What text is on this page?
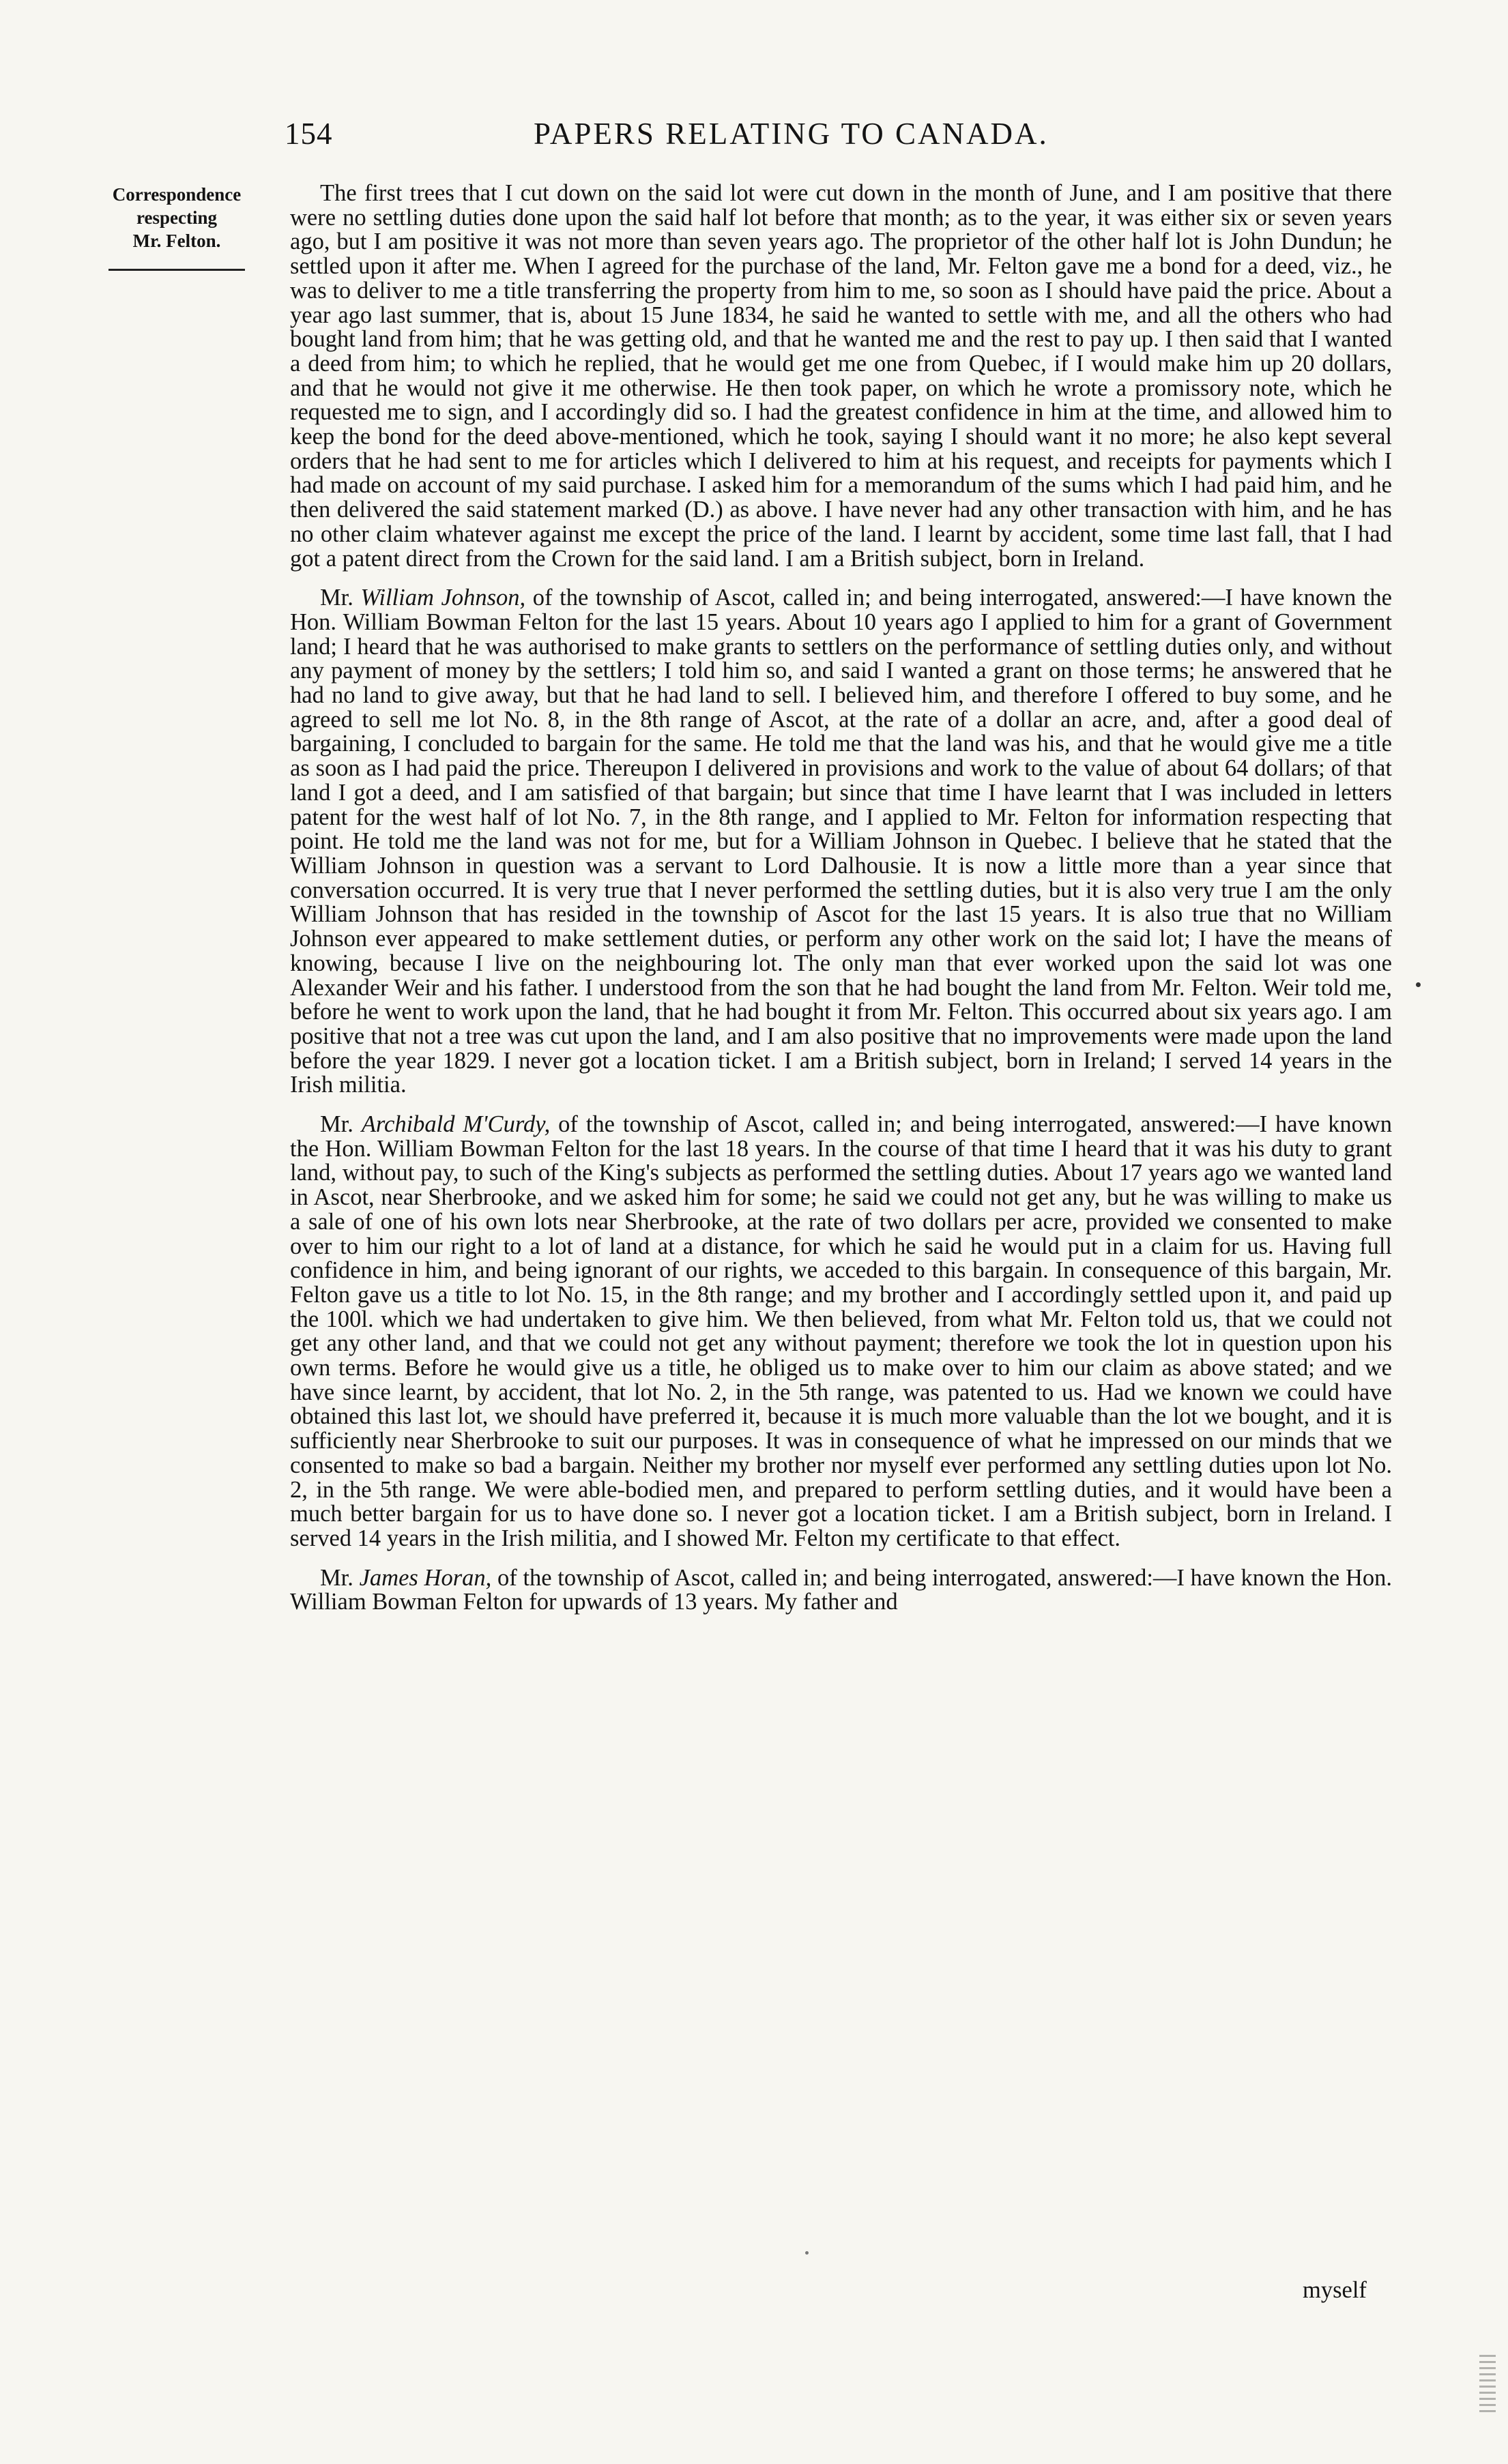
154	PAPERS RELATING TO CANADA.
Correspondence
respecting
Mr. Felton.

The first trees that I cut down on the said lot were cut down in the month of June, and I am positive that there were no settling duties done upon the said half lot before that month; as to the year, it was either six or seven years ago, but I am positive it was not more than seven years ago. The proprietor of the other half lot is John Dundun; he settled upon it after me. When I agreed for the purchase of the land, Mr. Felton gave me a bond for a deed, viz., he was to deliver to me a title transferring the property from him to me, so soon as I should have paid the price. About a year ago last summer, that is, about 15 June 1834, he said he wanted to settle with me, and all the others who had bought land from him; that he was getting old, and that he wanted me and the rest to pay up. I then said that I wanted a deed from him; to which he replied, that he would get me one from Quebec, if I would make him up 20 dollars, and that he would not give it me otherwise. He then took paper, on which he wrote a promissory note, which he requested me to sign, and I accordingly did so. I had the greatest confidence in him at the time, and allowed him to keep the bond for the deed above-mentioned, which he took, saying I should want it no more; he also kept several orders that he had sent to me for articles which I delivered to him at his request, and receipts for payments which I had made on account of my said purchase. I asked him for a memorandum of the sums which I had paid him, and he then delivered the said statement marked (D.) as above. I have never had any other transaction with him, and he has no other claim whatever against me except the price of the land. I learnt by accident, some time last fall, that I had got a patent direct from the Crown for the said land. I am a British subject, born in Ireland.

Mr. William Johnson, of the township of Ascot, called in; and being interrogated, answered:—I have known the Hon. William Bowman Felton for the last 15 years. About 10 years ago I applied to him for a grant of Government land; I heard that he was authorised to make grants to settlers on the performance of settling duties only, and without any payment of money by the settlers; I told him so, and said I wanted a grant on those terms; he answered that he had no land to give away, but that he had land to sell. I believed him, and therefore I offered to buy some, and he agreed to sell me lot No. 8, in the 8th range of Ascot, at the rate of a dollar an acre, and, after a good deal of bargaining, I concluded to bargain for the same. He told me that the land was his, and that he would give me a title as soon as I had paid the price. Thereupon I delivered in provisions and work to the value of about 64 dollars; of that land I got a deed, and I am satisfied of that bargain; but since that time I have learnt that I was included in letters patent for the west half of lot No. 7, in the 8th range, and I applied to Mr. Felton for information respecting that point. He told me the land was not for me, but for a William Johnson in Quebec. I believe that he stated that the William Johnson in question was a servant to Lord Dalhousie. It is now a little more than a year since that conversation occurred. It is very true that I never performed the settling duties, but it is also very true I am the only William Johnson that has resided in the township of Ascot for the last 15 years. It is also true that no William Johnson ever appeared to make settlement duties, or perform any other work on the said lot; I have the means of knowing, because I live on the neighbouring lot. The only man that ever worked upon the said lot was one Alexander Weir and his father. I understood from the son that he had bought the land from Mr. Felton. Weir told me, before he went to work upon the land, that he had bought it from Mr. Felton. This occurred about six years ago. I am positive that not a tree was cut upon the land, and I am also positive that no improvements were made upon the land before the year 1829. I never got a location ticket. I am a British subject, born in Ireland; I served 14 years in the Irish militia.

Mr. Archibald M'Curdy, of the township of Ascot, called in; and being interrogated, answered:—I have known the Hon. William Bowman Felton for the last 18 years. In the course of that time I heard that it was his duty to grant land, without pay, to such of the King's subjects as performed the settling duties. About 17 years ago we wanted land in Ascot, near Sherbrooke, and we asked him for some; he said we could not get any, but he was willing to make us a sale of one of his own lots near Sherbrooke, at the rate of two dollars per acre, provided we consented to make over to him our right to a lot of land at a distance, for which he said he would put in a claim for us. Having full confidence in him, and being ignorant of our rights, we acceded to this bargain. In consequence of this bargain, Mr. Felton gave us a title to lot No. 15, in the 8th range; and my brother and I accordingly settled upon it, and paid up the 100l. which we had undertaken to give him. We then believed, from what Mr. Felton told us, that we could not get any other land, and that we could not get any without payment; therefore we took the lot in question upon his own terms. Before he would give us a title, he obliged us to make over to him our claim as above stated; and we have since learnt, by accident, that lot No. 2, in the 5th range, was patented to us. Had we known we could have obtained this last lot, we should have preferred it, because it is much more valuable than the lot we bought, and it is sufficiently near Sherbrooke to suit our purposes. It was in consequence of what he impressed on our minds that we consented to make so bad a bargain. Neither my brother nor myself ever performed any settling duties upon lot No. 2, in the 5th range. We were able-bodied men, and prepared to perform settling duties, and it would have been a much better bargain for us to have done so. I never got a location ticket. I am a British subject, born in Ireland. I served 14 years in the Irish militia, and I showed Mr. Felton my certificate to that effect.

Mr. James Horan, of the township of Ascot, called in; and being interrogated, answered:—I have known the Hon. William Bowman Felton for upwards of 13 years. My father and

myself
